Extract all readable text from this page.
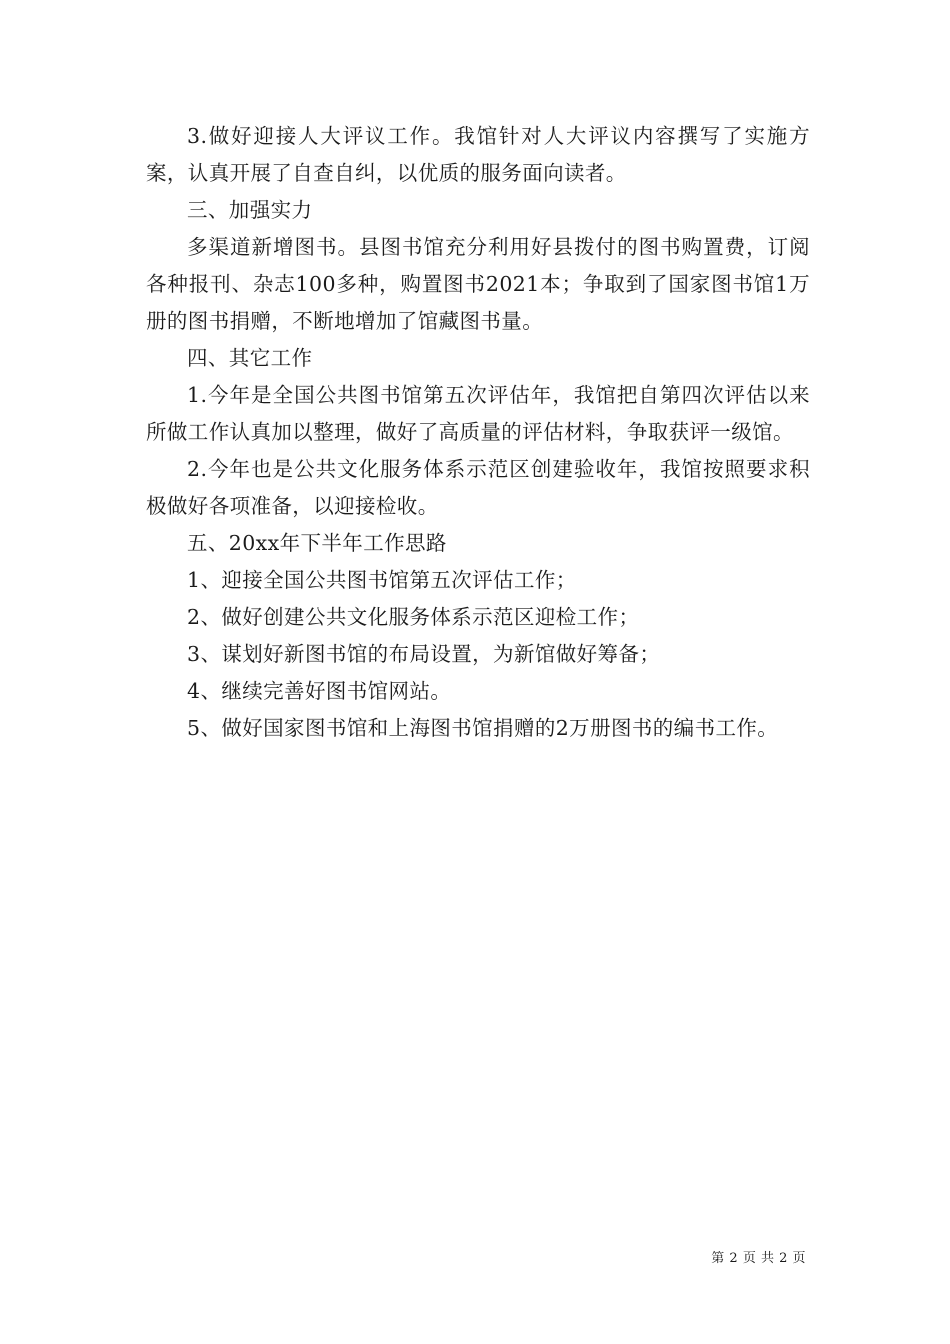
3.做好迎接人大评议工作。我馆针对人大评议内容撰写了实施方案，认真开展了自查自纠，以优质的服务面向读者。

三、加强实力

多渠道新增图书。县图书馆充分利用好县拨付的图书购置费，订阅各种报刊、杂志100多种，购置图书2021本；争取到了国家图书馆1万册的图书捐赠，不断地增加了馆藏图书量。

四、其它工作

1.今年是全国公共图书馆第五次评估年，我馆把自第四次评估以来所做工作认真加以整理，做好了高质量的评估材料，争取获评一级馆。

2.今年也是公共文化服务体系示范区创建验收年，我馆按照要求积极做好各项准备，以迎接检收。

五、20xx年下半年工作思路

1、迎接全国公共图书馆第五次评估工作；

2、做好创建公共文化服务体系示范区迎检工作；

3、谋划好新图书馆的布局设置，为新馆做好筹备；

4、继续完善好图书馆网站。

5、做好国家图书馆和上海图书馆捐赠的2万册图书的编书工作。

第 2 页 共 2 页
